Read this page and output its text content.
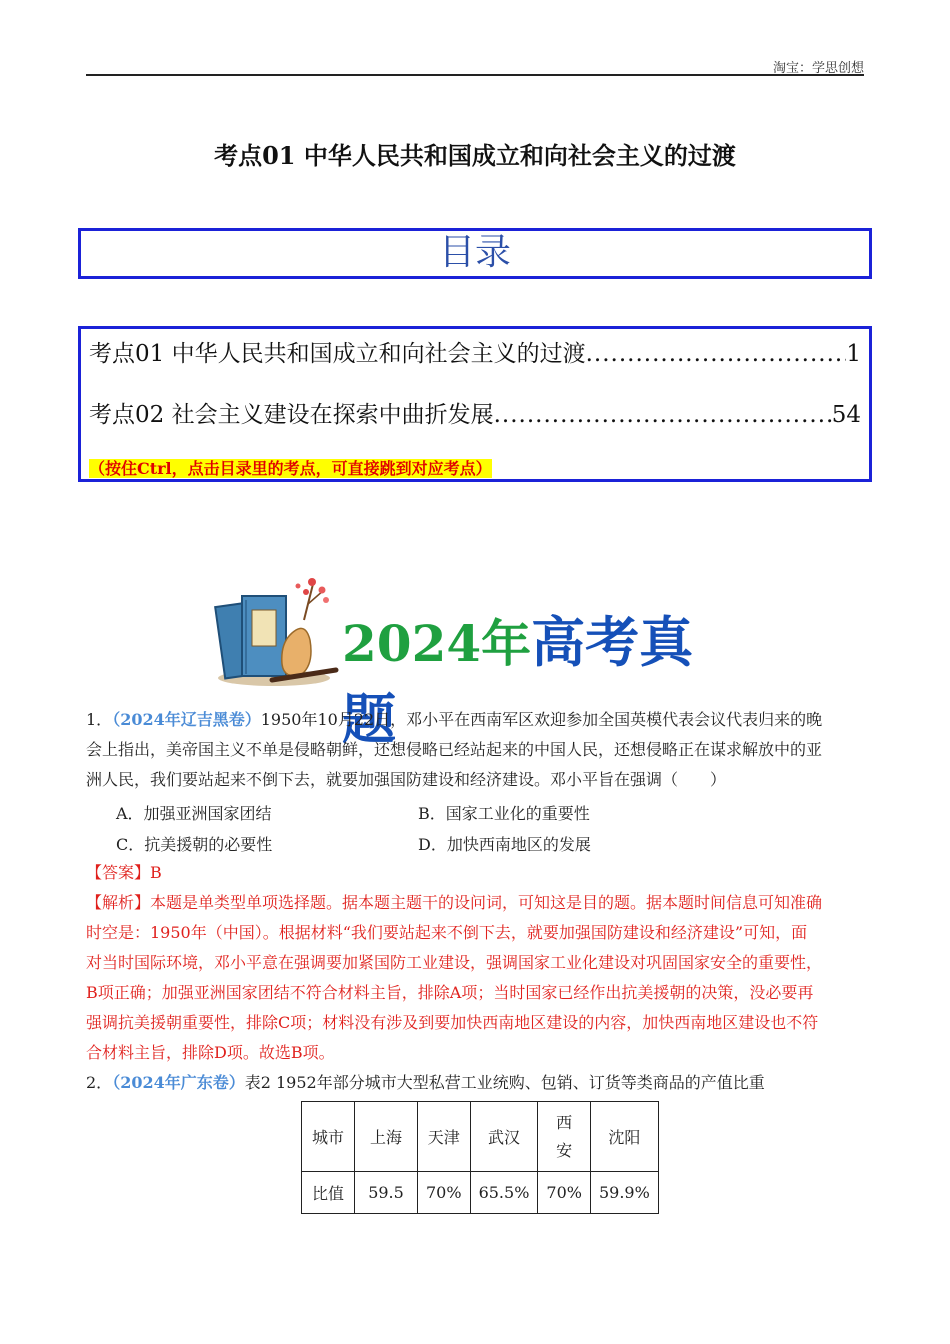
淘宝：学思创想
考点01 中华人民共和国成立和向社会主义的过渡
目录
考点01 中华人民共和国成立和向社会主义的过渡 .....	1
考点02 社会主义建设在探索中曲折发展 .....	54
（按住Ctrl，点击目录里的考点，可直接跳到对应考点）
2024年高考真题
1．（2024年辽吉黑卷）1950年10月22日，邓小平在西南军区欢迎参加全国英模代表会议代表归来的晚
会上指出，美帝国主义不单是侵略朝鲜，还想侵略已经站起来的中国人民，还想侵略正在谋求解放中的亚
洲人民，我们要站起来不倒下去，就要加强国防建设和经济建设。邓小平旨在强调（　　）
A．加强亚洲国家团结	B．国家工业化的重要性
C．抗美援朝的必要性	D．加快西南地区的发展
【答案】B
【解析】本题是单类型单项选择题。据本题主题干的设问词，可知这是目的题。据本题时间信息可知准确
时空是：1950年（中国）。根据材料“我们要站起来不倒下去，就要加强国防建设和经济建设”可知，面
对当时国际环境，邓小平意在强调要加紧国防工业建设，强调国家工业化建设对巩固国家安全的重要性，
B项正确；加强亚洲国家团结不符合材料主旨，排除A项；当时国家已经作出抗美援朝的决策，没必要再
强调抗美援朝重要性，排除C项；材料没有涉及到要加快西南地区建设的内容，加快西南地区建设也不符
合材料主旨，排除D项。故选B项。
2．（2024年广东卷）表2 1952年部分城市大型私营工业统购、包销、订货等类商品的产值比重
城市	上海	天津	武汉	西安	沈阳
比值	59.5	70%	65.5%	70%	59.9%
